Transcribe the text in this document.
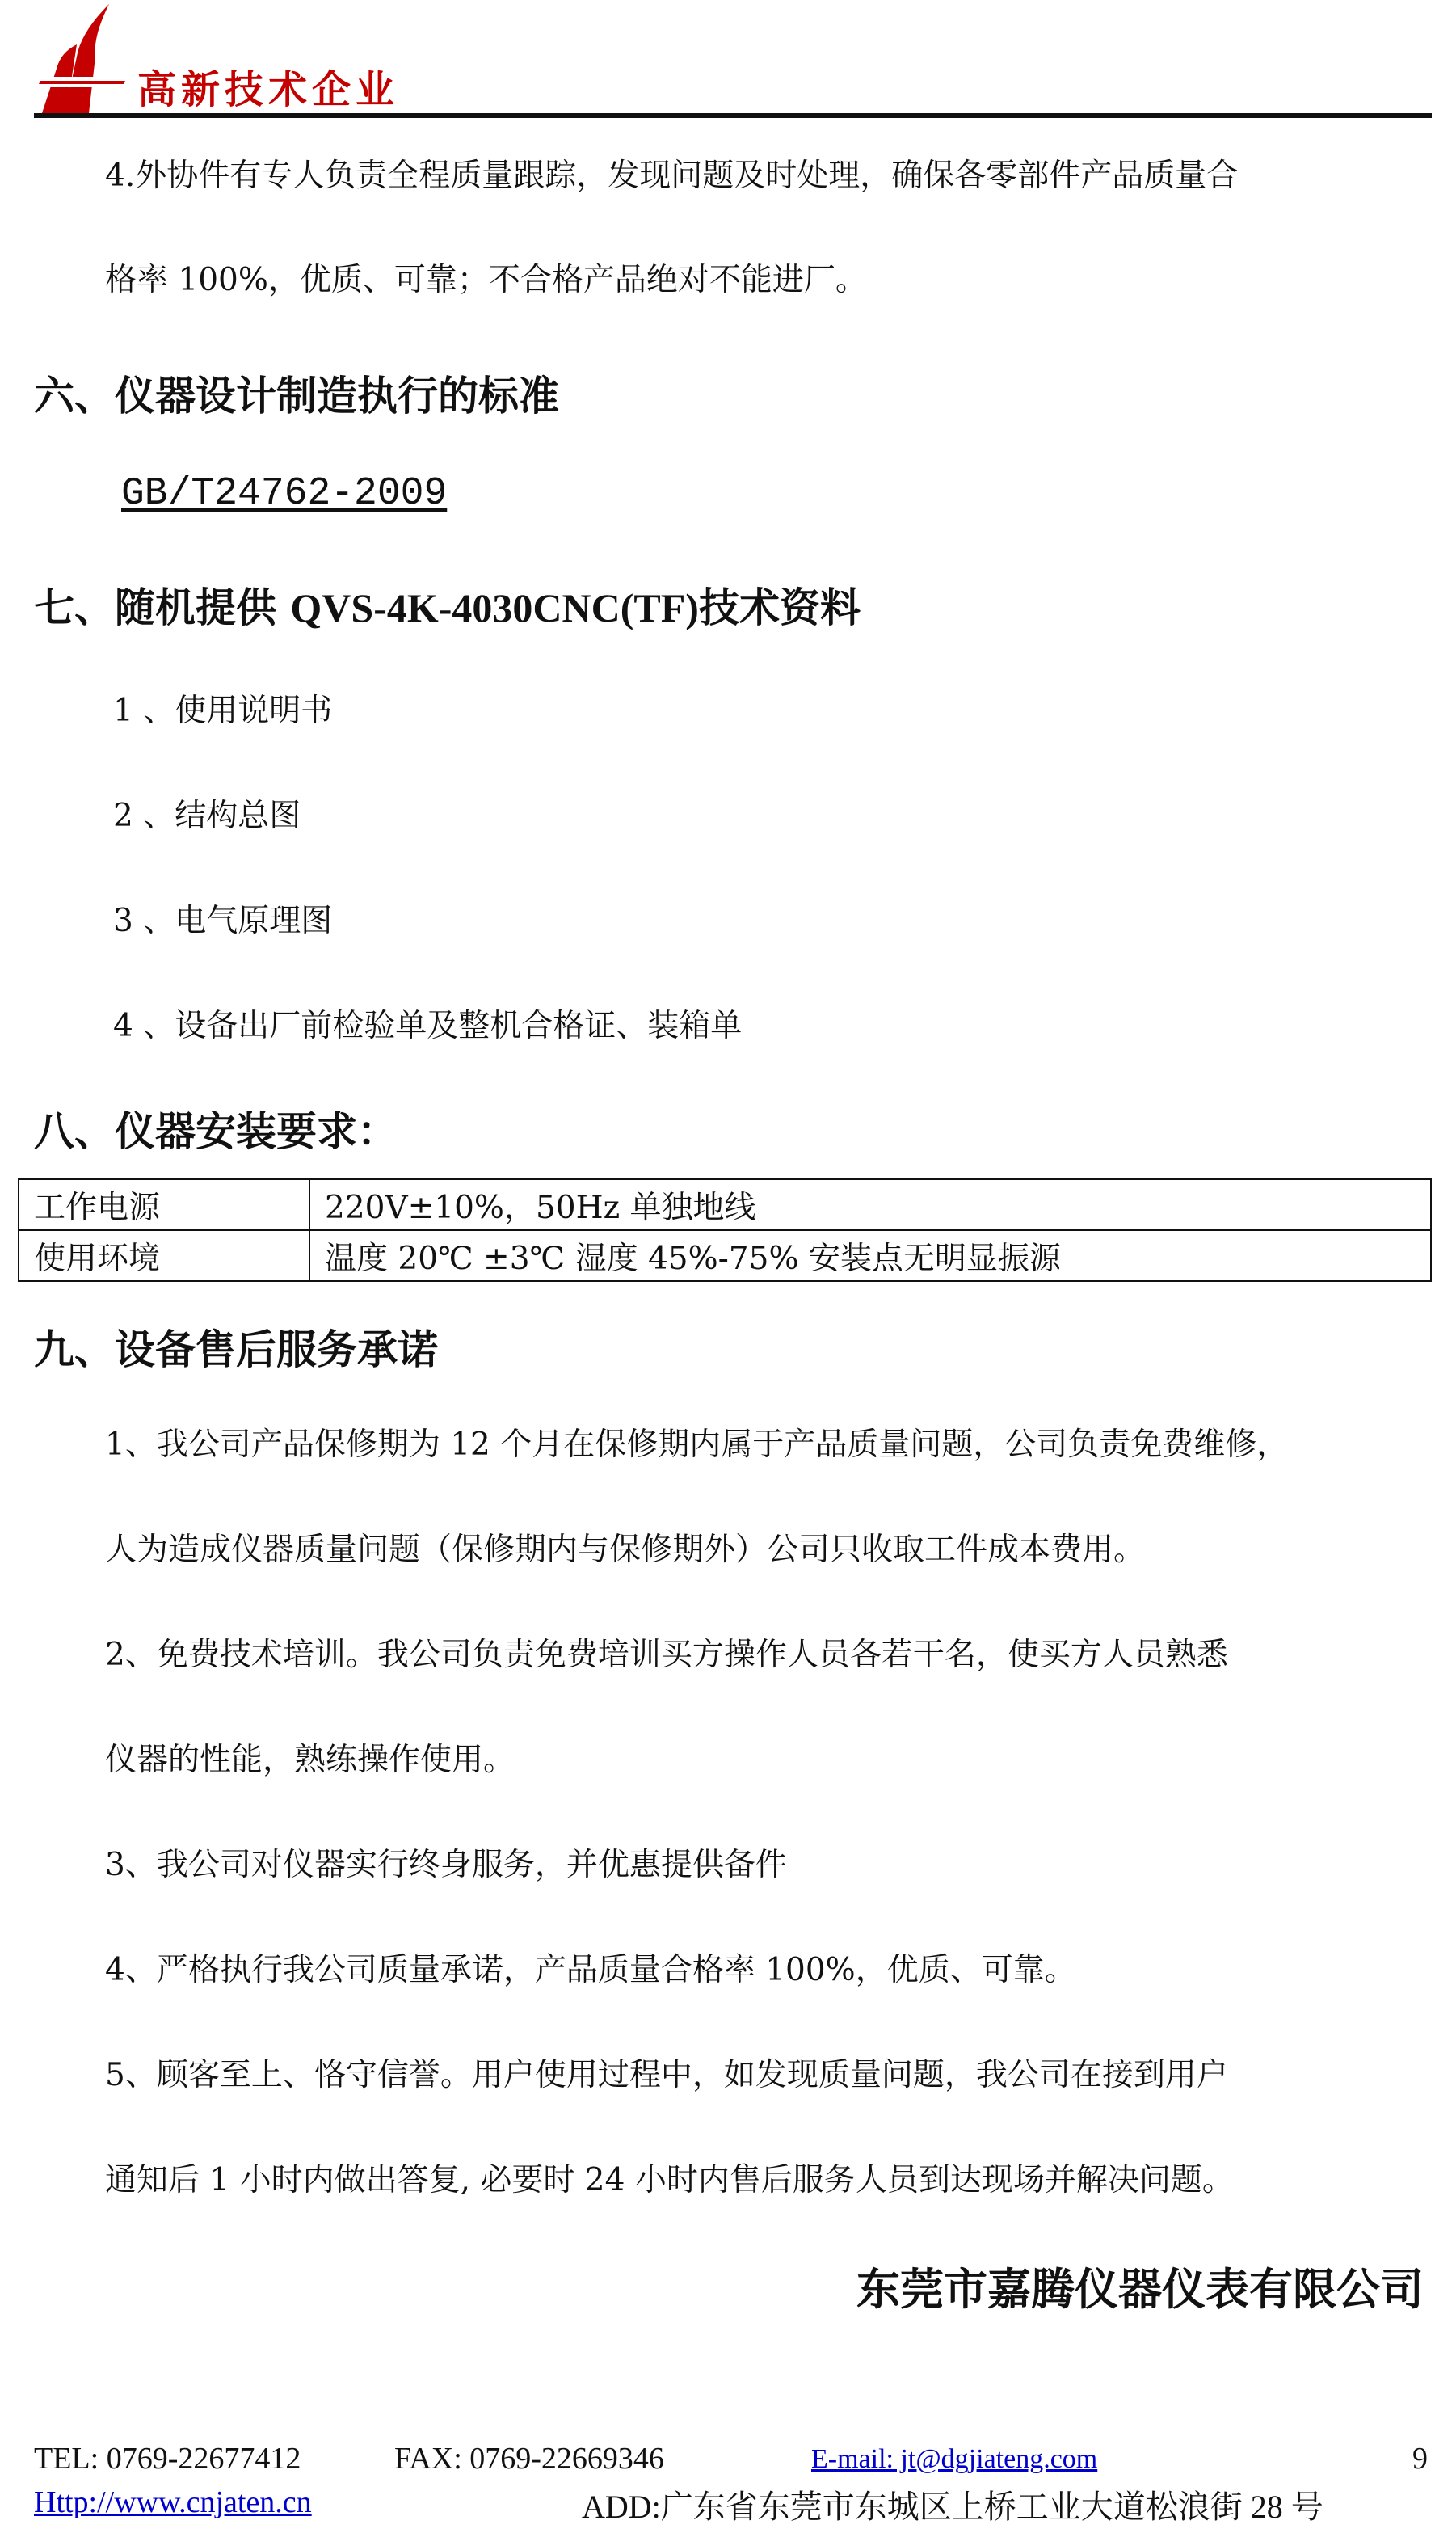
高新技术企业
4.外协件有专人负责全程质量跟踪，发现问题及时处理，确保各零部件产品质量合
格率 100%，优质、可靠；不合格产品绝对不能进厂。
六、仪器设计制造执行的标准
GB/T24762-2009
七、随机提供 QVS-4K-4030CNC(TF)技术资料
1 、使用说明书
2 、结构总图
3 、电气原理图
4 、设备出厂前检验单及整机合格证、装箱单
八、仪器安装要求：
工作电源	220V±10%，50Hz 单独地线
使用环境	温度 20℃ ±3℃ 湿度 45%-75% 安装点无明显振源
九、设备售后服务承诺
1、我公司产品保修期为 12 个月在保修期内属于产品质量问题，公司负责免费维修，
人为造成仪器质量问题（保修期内与保修期外）公司只收取工件成本费用。
2、免费技术培训。我公司负责免费培训买方操作人员各若干名，使买方人员熟悉
仪器的性能，熟练操作使用。
3、我公司对仪器实行终身服务，并优惠提供备件
4、严格执行我公司质量承诺，产品质量合格率 100%，优质、可靠。
5、顾客至上、恪守信誉。用户使用过程中，如发现质量问题，我公司在接到用户
通知后 1 小时内做出答复, 必要时 24 小时内售后服务人员到达现场并解决问题。
东莞市嘉腾仪器仪表有限公司
TEL: 0769-22677412	FAX: 0769-22669346	E-mail: jt@dgjiateng.com	9
Http://www.cnjaten.cn	ADD:广东省东莞市东城区上桥工业大道松浪街 28 号
